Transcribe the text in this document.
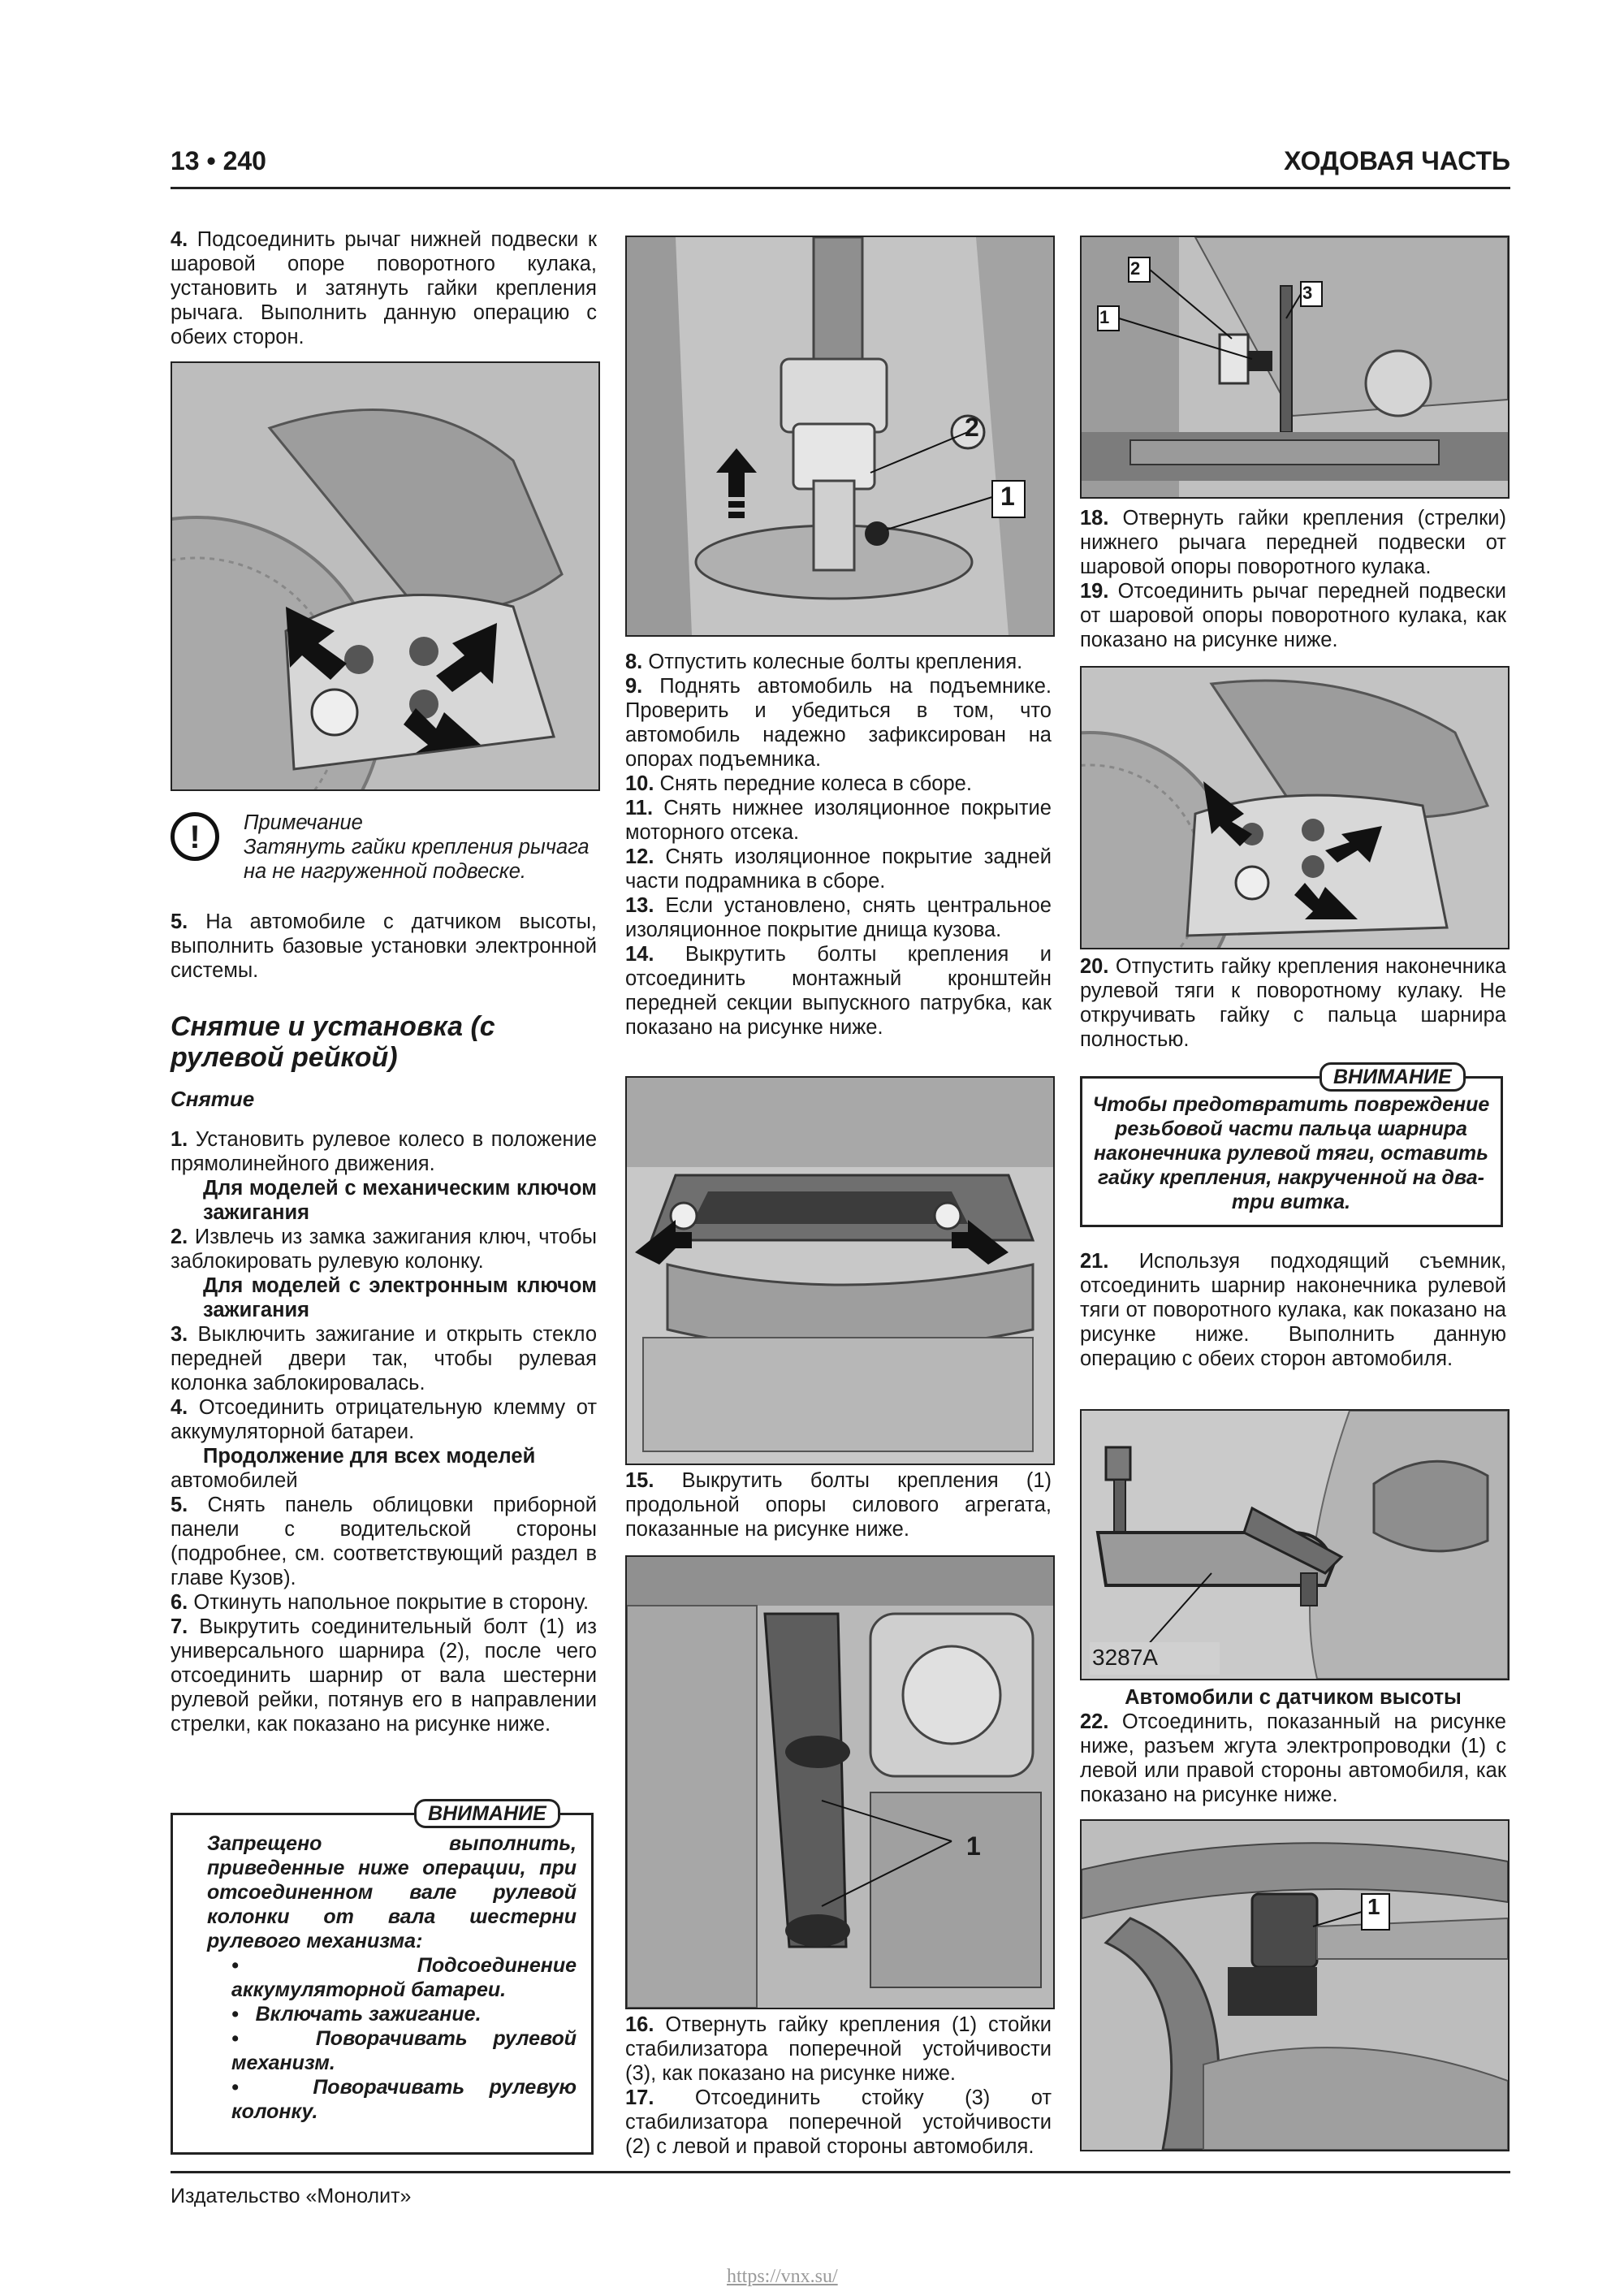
13 • 240	ХОДОВАЯ ЧАСТЬ

4. Подсоединить рычаг нижней подвески к шаровой опоре поворотного кулака, установить и затянуть гайки крепления рычага. Выполнить данную операцию с обеих сторон.

!	Примечание

Затянуть гайки крепления рычага на не нагруженной подвеске.

5. На автомобиле с датчиком высоты, выполнить базовые установки электронной системы.

Снятие и установка (с рулевой рейкой)
Снятие

1. Установить рулевое колесо в положение прямолинейного движения.

Для моделей с механическим ключом зажигания

2. Извлечь из замка зажигания ключ, чтобы заблокировать рулевую колонку.

Для моделей с электронным ключом зажигания

3. Выключить зажигание и открыть стекло передней двери так, чтобы рулевая колонка заблокировалась.

4. Отсоединить отрицательную клемму от аккумуляторной батареи.

Продолжение для всех моделей

автомобилей

5. Снять панель облицовки приборной панели с водительской стороны (подробнее, см. соответствующий раздел в главе Кузов).

6. Откинуть напольное покрытие в сторону.

7. Выкрутить соединительный болт (1) из универсального шарнира (2), после чего отсоединить шарнир от вала шестерни рулевой рейки, потянув его в направлении стрелки, как показано на рисунке ниже.

ВНИМАНИЕ

Запрещено выполнить, приведенные ниже операции, при отсоединенном вале рулевой колонки от вала шестерни рулевого механизма:

•   Подсоединение аккумуляторной батареи.

•   Включать зажигание.

•   Поворачивать рулевой механизм.

•   Поворачивать рулевую колонку.

2
1

8. Отпустить колесные болты крепления.

9. Поднять автомобиль на подъемнике. Проверить и убедиться в том, что автомобиль надежно зафиксирован на опорах подъемника.

10. Снять передние колеса в сборе.

11. Снять нижнее изоляционное покрытие моторного отсека.

12. Снять изоляционное покрытие задней части подрамника в сборе.

13. Если установлено, снять центральное изоляционное покрытие днища кузова.

14. Выкрутить болты крепления и отсоединить монтажный кронштейн передней секции выпускного патрубка, как показано на рисунке ниже.

15. Выкрутить болты крепления (1) продольной опоры силового агрегата, показанные на рисунке ниже.

1

16. Отвернуть гайку крепления (1) стойки стабилизатора поперечной устойчивости (3), как показано на рисунке ниже.

17. Отсоединить стойку (3) от стабилизатора поперечной устойчивости (2) с левой и правой стороны автомобиля.

2
3
1

18. Отвернуть гайки крепления (стрелки) нижнего рычага передней подвески от шаровой опоры поворотного кулака.

19. Отсоединить рычаг передней подвески от шаровой опоры поворотного кулака, как показано на рисунке ниже.

20. Отпустить гайку крепления наконечника рулевой тяги к поворотному кулаку. Не откручивать гайку с пальца шарнира полностью.

ВНИМАНИЕ
Чтобы предотвратить повреждение резьбовой части пальца шарнира наконечника рулевой тяги, оставить гайку крепления, накрученной на два-три витка.

21. Используя подходящий съемник, отсоединить шарнир наконечника рулевой тяги от поворотного кулака, как показано на рисунке ниже. Выполнить данную операцию с обеих сторон автомобиля.

3287A

Автомобили с датчиком высоты

22. Отсоединить, показанный на рисунке ниже, разъем жгута электропроводки (1) с левой или правой стороны автомобиля, как показано на рисунке ниже.

1
Издательство «Монолит»
https://vnx.su/
